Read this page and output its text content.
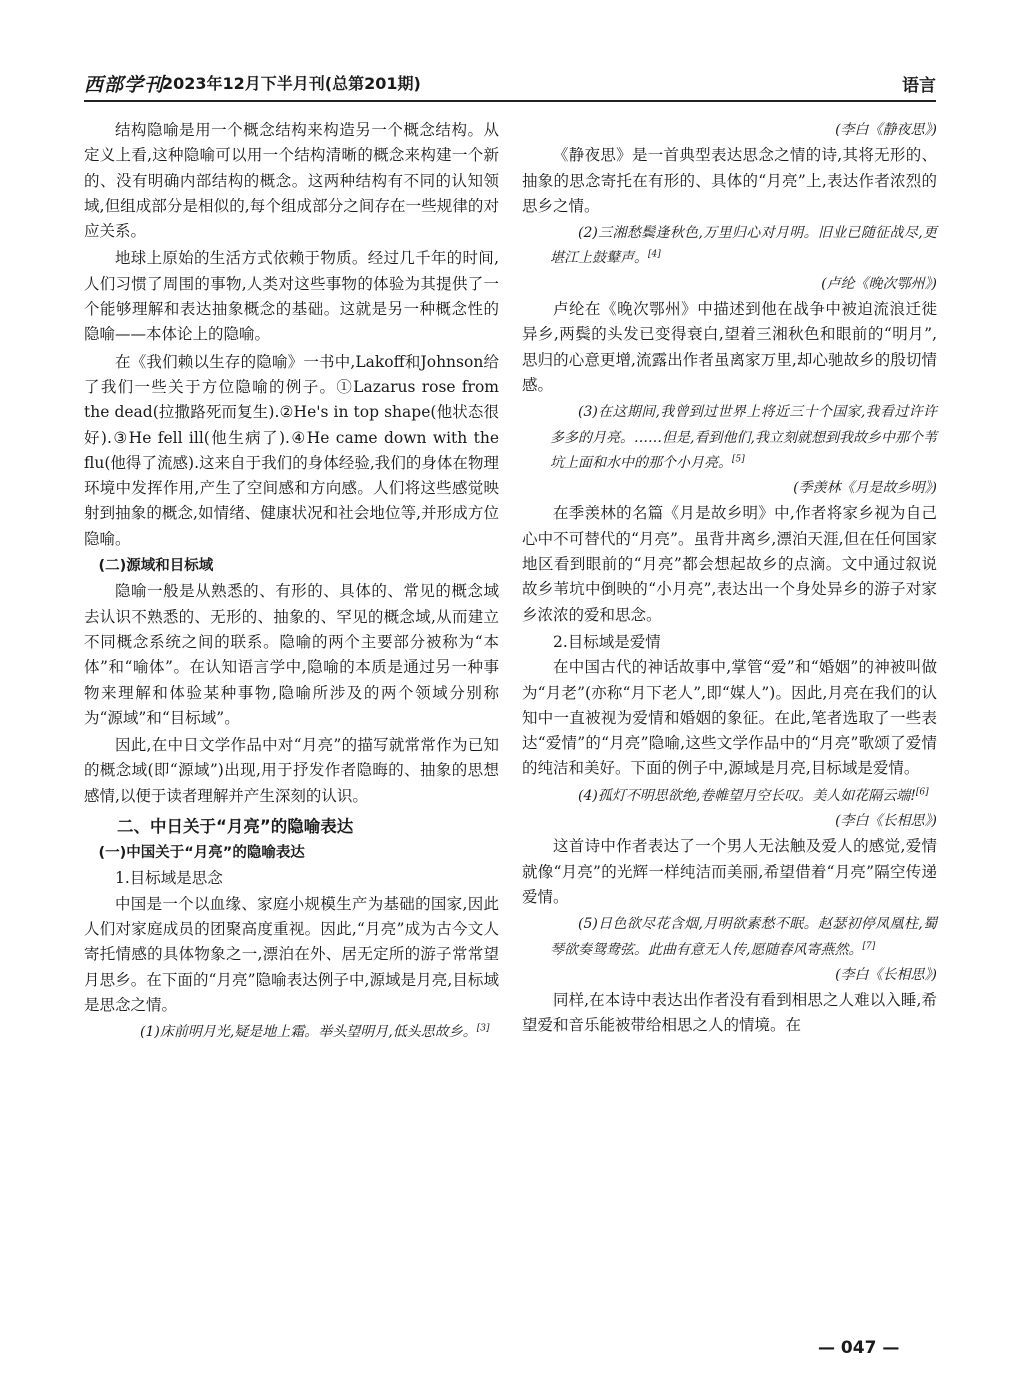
西部学刊
2023年12月下半月刊(总第201期)	语言

结构隐喻是用一个概念结构来构造另一个概念结构。从定义上看,这种隐喻可以用一个结构清晰的概念来构建一个新的、没有明确内部结构的概念。这两种结构有不同的认知领域,但组成部分是相似的,每个组成部分之间存在一些规律的对应关系。

地球上原始的生活方式依赖于物质。经过几千年的时间,人们习惯了周围的事物,人类对这些事物的体验为其提供了一个能够理解和表达抽象概念的基础。这就是另一种概念性的隐喻——本体论上的隐喻。

在《我们赖以生存的隐喻》一书中,Lakoff和Johnson给了我们一些关于方位隐喻的例子。①Lazarus rose from the dead(拉撒路死而复生).②He's in top shape(他状态很好).③He fell ill(他生病了).④He came down with the flu(他得了流感).这来自于我们的身体经验,我们的身体在物理环境中发挥作用,产生了空间感和方向感。人们将这些感觉映射到抽象的概念,如情绪、健康状况和社会地位等,并形成方位隐喻。

(二)源域和目标域

隐喻一般是从熟悉的、有形的、具体的、常见的概念域去认识不熟悉的、无形的、抽象的、罕见的概念域,从而建立不同概念系统之间的联系。隐喻的两个主要部分被称为“本体”和“喻体”。在认知语言学中,隐喻的本质是通过另一种事物来理解和体验某种事物,隐喻所涉及的两个领域分别称为“源域”和“目标域”。

因此,在中日文学作品中对“月亮”的描写就常常作为已知的概念域(即“源域”)出现,用于抒发作者隐晦的、抽象的思想感情,以便于读者理解并产生深刻的认识。

二、中日关于“月亮”的隐喻表达
(一)中国关于“月亮”的隐喻表达
1.目标域是思念

中国是一个以血缘、家庭小规模生产为基础的国家,因此人们对家庭成员的团聚高度重视。因此,“月亮”成为古今文人寄托情感的具体物象之一,漂泊在外、居无定所的游子常常望月思乡。在下面的“月亮”隐喻表达例子中,源域是月亮,目标域是思念之情。

(1)床前明月光,疑是地上霜。举头望明月,低头思故乡。[3]
(李白《静夜思》)

《静夜思》是一首典型表达思念之情的诗,其将无形的、抽象的思念寄托在有形的、具体的“月亮”上,表达作者浓烈的思乡之情。

(2)三湘愁鬓逢秋色,万里归心对月明。旧业已随征战尽,更堪江上鼓鼙声。[4]
(卢纶《晚次鄂州》)

卢纶在《晚次鄂州》中描述到他在战争中被迫流浪迁徙异乡,两鬓的头发已变得衰白,望着三湘秋色和眼前的“明月”,思归的心意更增,流露出作者虽离家万里,却心驰故乡的殷切情感。

(3)在这期间,我曾到过世界上将近三十个国家,我看过许许多多的月亮。……但是,看到他们,我立刻就想到我故乡中那个苇坑上面和水中的那个小月亮。[5]
(季羡林《月是故乡明》)

在季羡林的名篇《月是故乡明》中,作者将家乡视为自己心中不可替代的“月亮”。虽背井离乡,漂泊天涯,但在任何国家地区看到眼前的“月亮”都会想起故乡的点滴。文中通过叙说故乡苇坑中倒映的“小月亮”,表达出一个身处异乡的游子对家乡浓浓的爱和思念。

2.目标域是爱情

在中国古代的神话故事中,掌管“爱”和“婚姻”的神被叫做为“月老”(亦称“月下老人”,即“媒人”)。因此,月亮在我们的认知中一直被视为爱情和婚姻的象征。在此,笔者选取了一些表达“爱情”的“月亮”隐喻,这些文学作品中的“月亮”歌颂了爱情的纯洁和美好。下面的例子中,源域是月亮,目标域是爱情。

(4)孤灯不明思欲绝,卷帷望月空长叹。美人如花隔云端![6]
(李白《长相思》)

这首诗中作者表达了一个男人无法触及爱人的感觉,爱情就像“月亮”的光辉一样纯洁而美丽,希望借着“月亮”隔空传递爱情。

(5)日色欲尽花含烟,月明欲素愁不眠。赵瑟初停凤凰柱,蜀琴欲奏鸳鸯弦。此曲有意无人传,愿随春风寄燕然。[7]
(李白《长相思》)

同样,在本诗中表达出作者没有看到相思之人难以入睡,希望爱和音乐能被带给相思之人的情境。在

— 047 —
